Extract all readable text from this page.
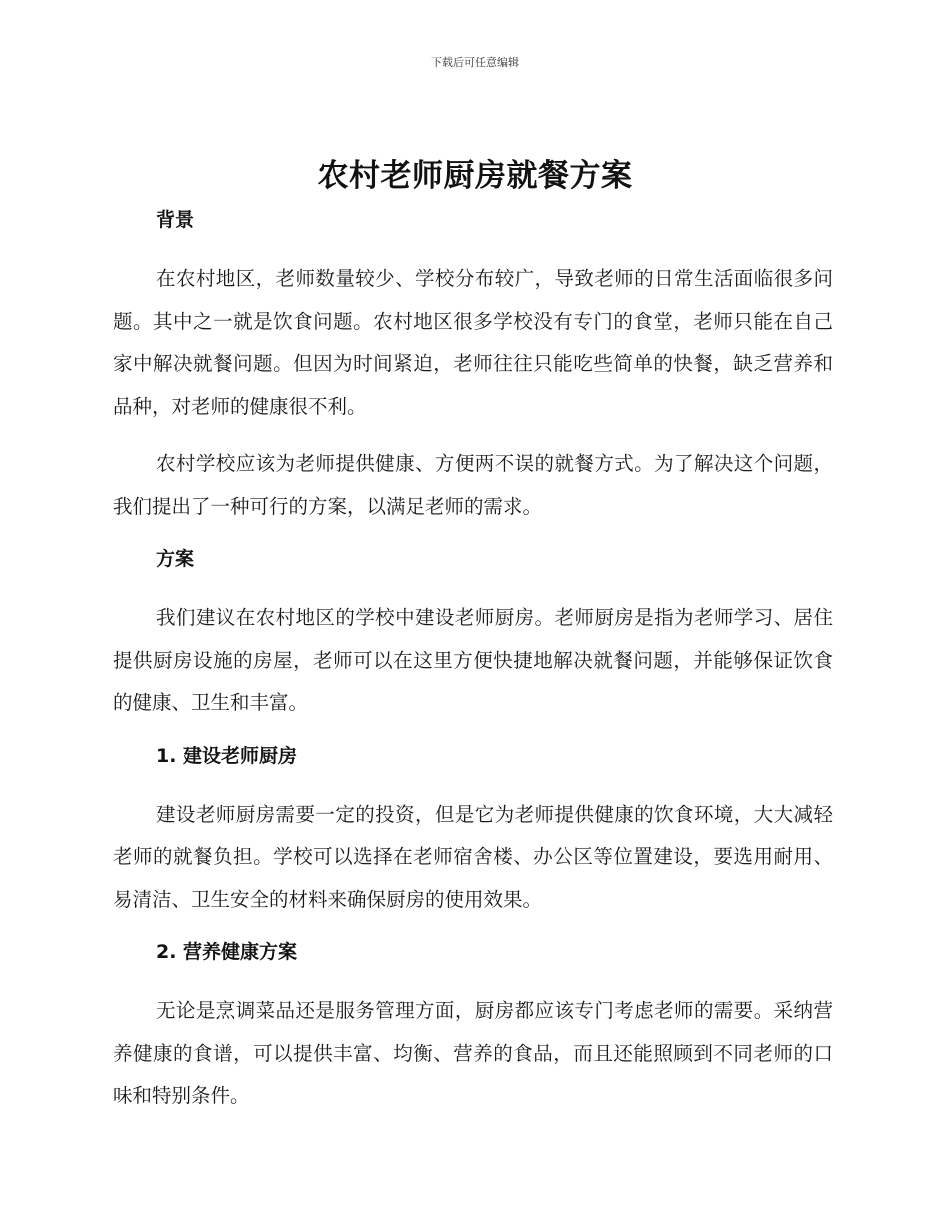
下载后可任意编辑
农村老师厨房就餐方案
背景

在农村地区，老师数量较少、学校分布较广，导致老师的日常生活面临很多问题。其中之一就是饮食问题。农村地区很多学校没有专门的食堂，老师只能在自己家中解决就餐问题。但因为时间紧迫，老师往往只能吃些简单的快餐，缺乏营养和品种，对老师的健康很不利。

农村学校应该为老师提供健康、方便两不误的就餐方式。为了解决这个问题，我们提出了一种可行的方案，以满足老师的需求。

方案

我们建议在农村地区的学校中建设老师厨房。老师厨房是指为老师学习、居住提供厨房设施的房屋，老师可以在这里方便快捷地解决就餐问题，并能够保证饮食的健康、卫生和丰富。

1. 建设老师厨房

建设老师厨房需要一定的投资，但是它为老师提供健康的饮食环境，大大减轻老师的就餐负担。学校可以选择在老师宿舍楼、办公区等位置建设，要选用耐用、易清洁、卫生安全的材料来确保厨房的使用效果。

2. 营养健康方案

无论是烹调菜品还是服务管理方面，厨房都应该专门考虑老师的需要。采纳营养健康的食谱，可以提供丰富、均衡、营养的食品，而且还能照顾到不同老师的口味和特别条件。
